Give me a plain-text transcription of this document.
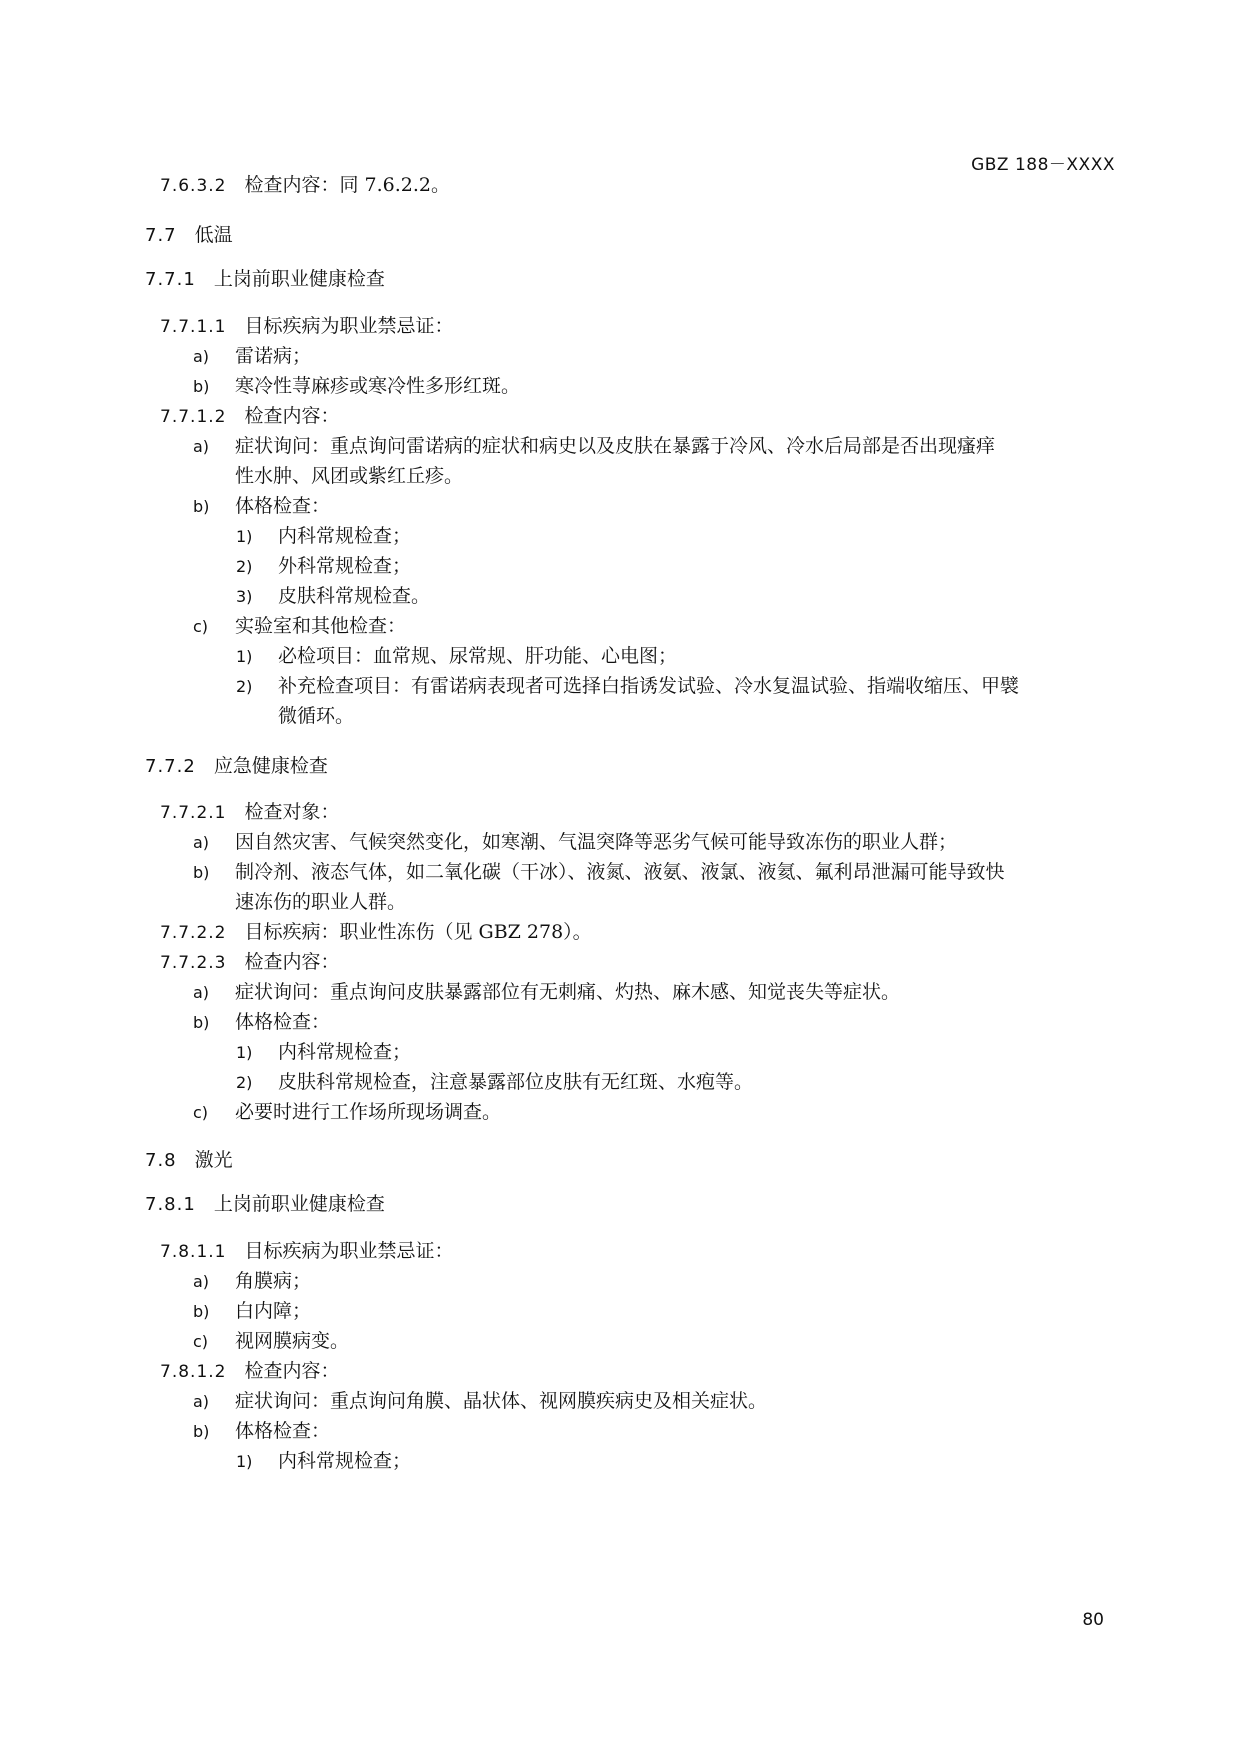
GBZ 188－XXXX
7.6.3.2 检查内容：同 7.6.2.2。
7.7 低温
7.7.1 上岗前职业健康检查
7.7.1.1 目标疾病为职业禁忌证：
a) 雷诺病；
b) 寒冷性荨麻疹或寒冷性多形红斑。
7.7.1.2 检查内容：
a) 症状询问：重点询问雷诺病的症状和病史以及皮肤在暴露于冷风、冷水后局部是否出现瘙痒
性水肿、风团或紫红丘疹。
b) 体格检查：
1) 内科常规检查；
2) 外科常规检查；
3) 皮肤科常规检查。
c) 实验室和其他检查：
1) 必检项目：血常规、尿常规、肝功能、心电图；
2) 补充检查项目：有雷诺病表现者可选择白指诱发试验、冷水复温试验、指端收缩压、甲襞
微循环。
7.7.2 应急健康检查
7.7.2.1 检查对象：
a) 因自然灾害、气候突然变化，如寒潮、气温突降等恶劣气候可能导致冻伤的职业人群；
b) 制冷剂、液态气体，如二氧化碳（干冰）、液氮、液氨、液氯、液氦、氟利昂泄漏可能导致快
速冻伤的职业人群。
7.7.2.2 目标疾病：职业性冻伤（见 GBZ 278）。
7.7.2.3 检查内容：
a) 症状询问：重点询问皮肤暴露部位有无刺痛、灼热、麻木感、知觉丧失等症状。
b) 体格检查：
1) 内科常规检查；
2) 皮肤科常规检查，注意暴露部位皮肤有无红斑、水疱等。
c) 必要时进行工作场所现场调查。
7.8 激光
7.8.1 上岗前职业健康检查
7.8.1.1 目标疾病为职业禁忌证：
a) 角膜病；
b) 白内障；
c) 视网膜病变。
7.8.1.2 检查内容：
a) 症状询问：重点询问角膜、晶状体、视网膜疾病史及相关症状。
b) 体格检查：
1) 内科常规检查；
80
